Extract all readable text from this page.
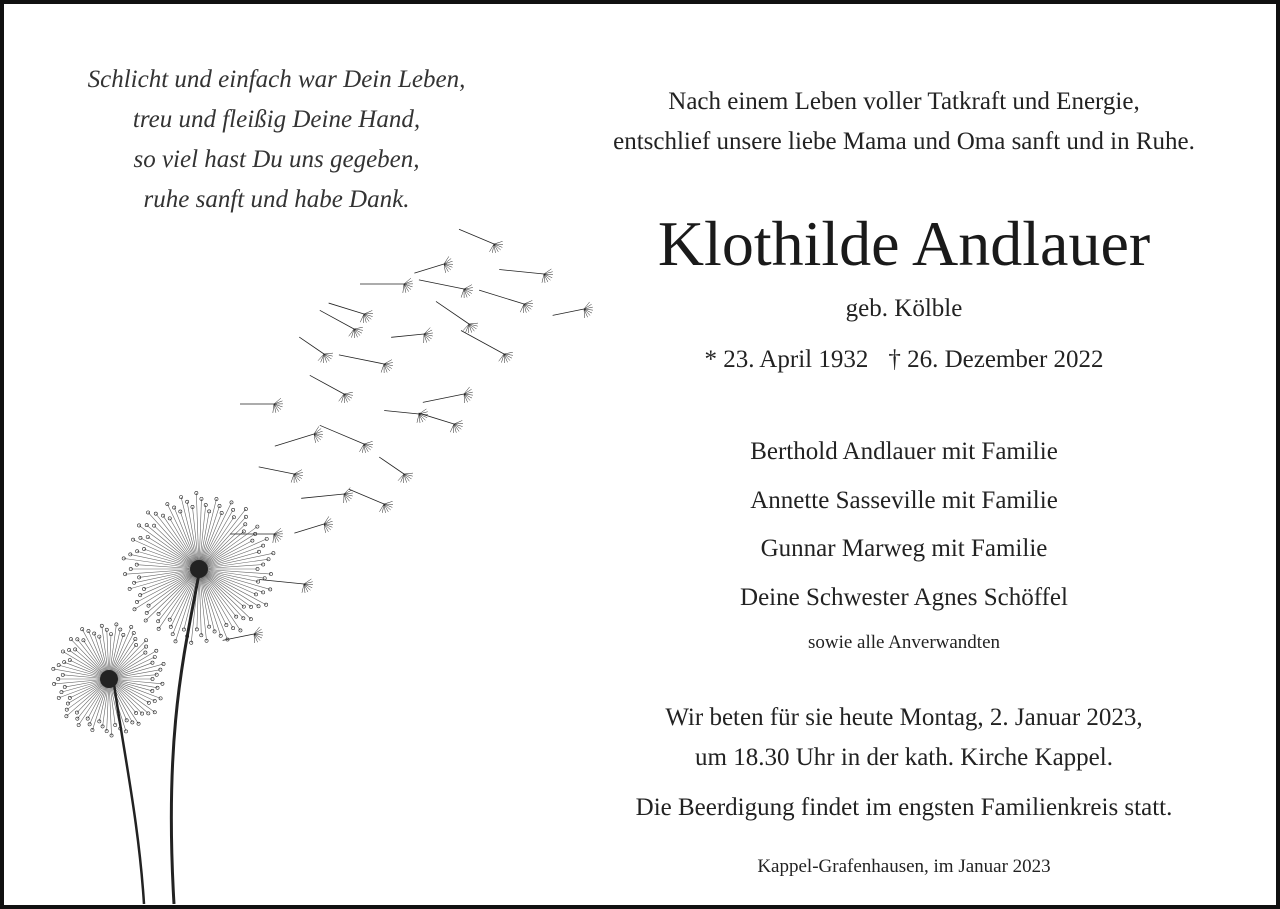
Schlicht und einfach war Dein Leben,
treu und fleißig Deine Hand,
so viel hast Du uns gegeben,
ruhe sanft und habe Dank.
Nach einem Leben voller Tatkraft und Energie,
entschlief unsere liebe Mama und Oma sanft und in Ruhe.
Klothilde Andlauer
geb. Kölble
* 23. April 1932 † 26. Dezember 2022
Berthold Andlauer mit Familie
Annette Sasseville mit Familie
Gunnar Marweg mit Familie
Deine Schwester Agnes Schöffel
sowie alle Anverwandten
Wir beten für sie heute Montag, 2. Januar 2023,
um 18.30 Uhr in der kath. Kirche Kappel.
Die Beerdigung findet im engsten Familienkreis statt.
Kappel-Grafenhausen, im Januar 2023
